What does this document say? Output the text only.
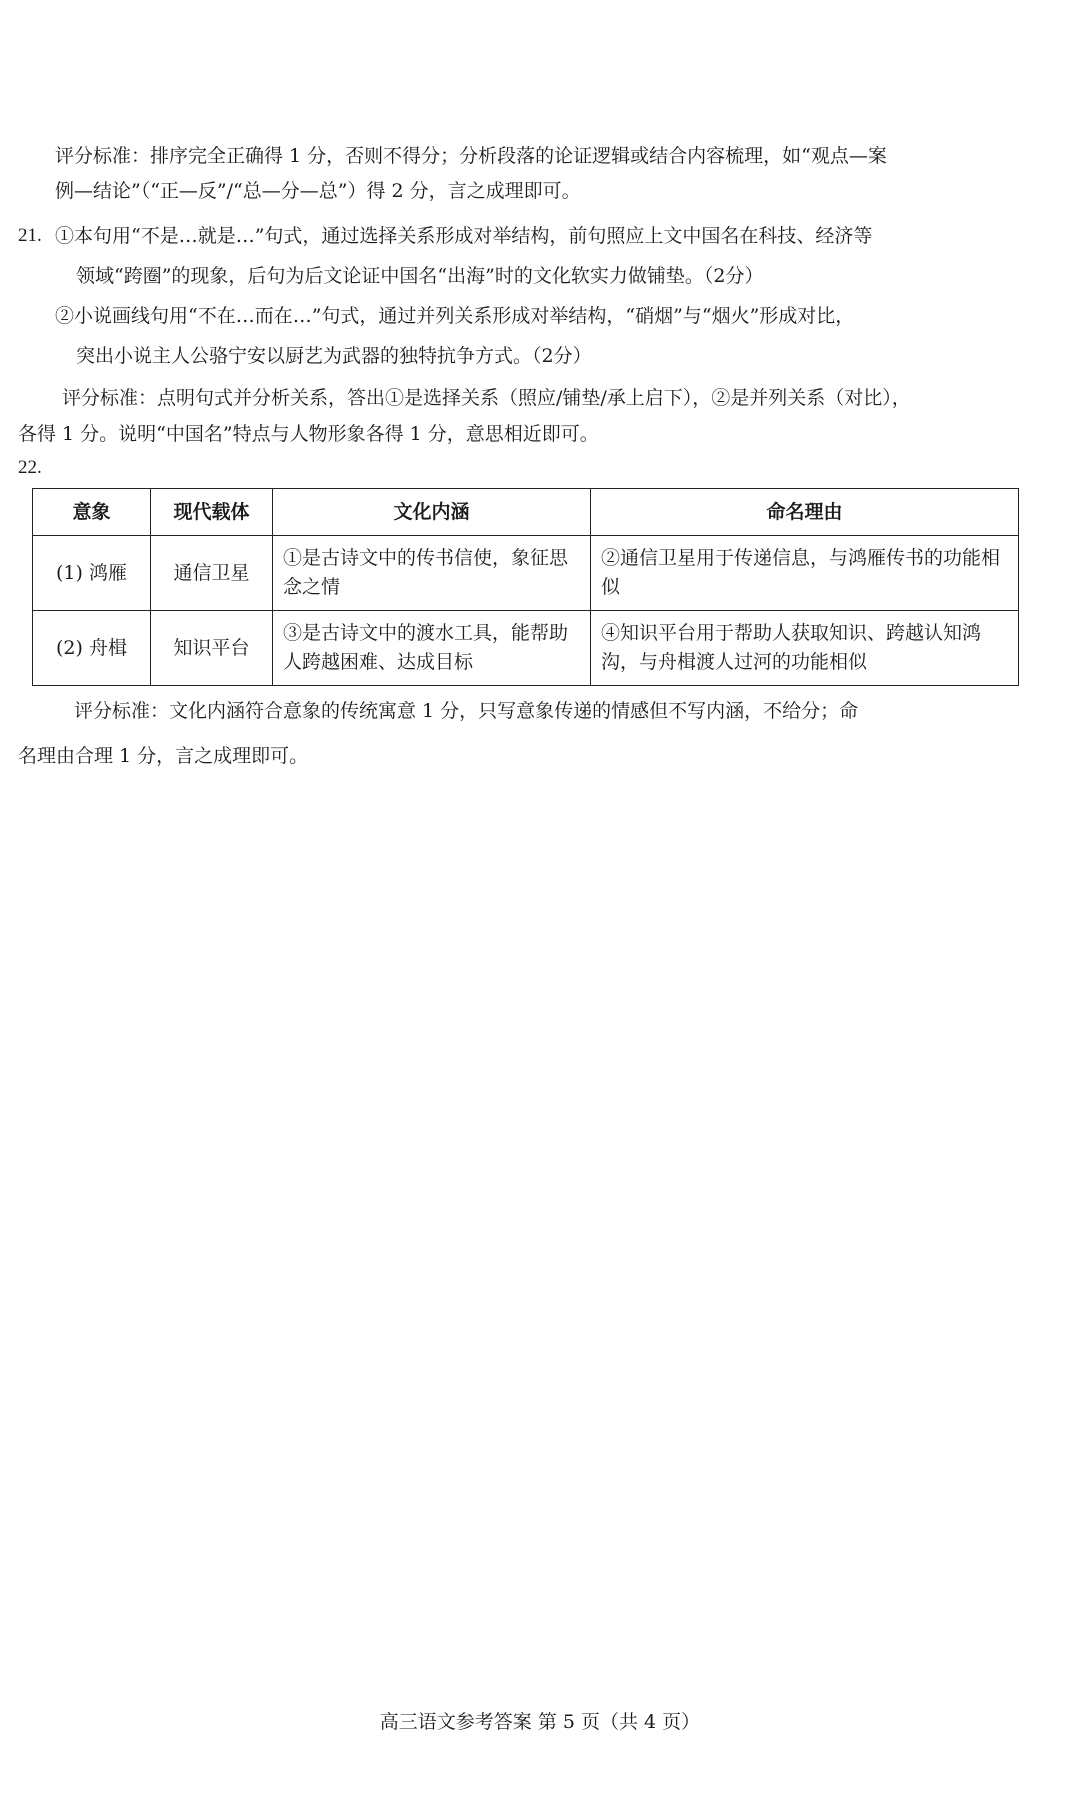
评分标准：排序完全正确得 1 分，否则不得分；分析段落的论证逻辑或结合内容梳理，如“观点—案
例—结论”（“正—反”/“总—分—总”）得 2 分，言之成理即可。
21. ①本句用“不是…就是…”句式，通过选择关系形成对举结构，前句照应上文中国名在科技、经济等
领域“跨圈”的现象，后句为后文论证中国名“出海”时的文化软实力做铺垫。（2分）
②小说画线句用“不在…而在…”句式，通过并列关系形成对举结构，“硝烟”与“烟火”形成对比，
突出小说主人公骆宁安以厨艺为武器的独特抗争方式。（2分）
评分标准：点明句式并分析关系，答出①是选择关系（照应/铺垫/承上启下），②是并列关系（对比），
各得 1 分。说明“中国名”特点与人物形象各得 1 分，意思相近即可。
22.
意象	现代载体	文化内涵	命名理由
(1) 鸿雁	通信卫星	①是古诗文中的传书信使，象征思念之情	②通信卫星用于传递信息，与鸿雁传书的功能相似
(2) 舟楫	知识平台	③是古诗文中的渡水工具，能帮助人跨越困难、达成目标	④知识平台用于帮助人获取知识、跨越认知鸿沟，与舟楫渡人过河的功能相似
评分标准：文化内涵符合意象的传统寓意 1 分，只写意象传递的情感但不写内涵，不给分；命
名理由合理 1 分，言之成理即可。
高三语文参考答案 第 5 页（共 4 页）
